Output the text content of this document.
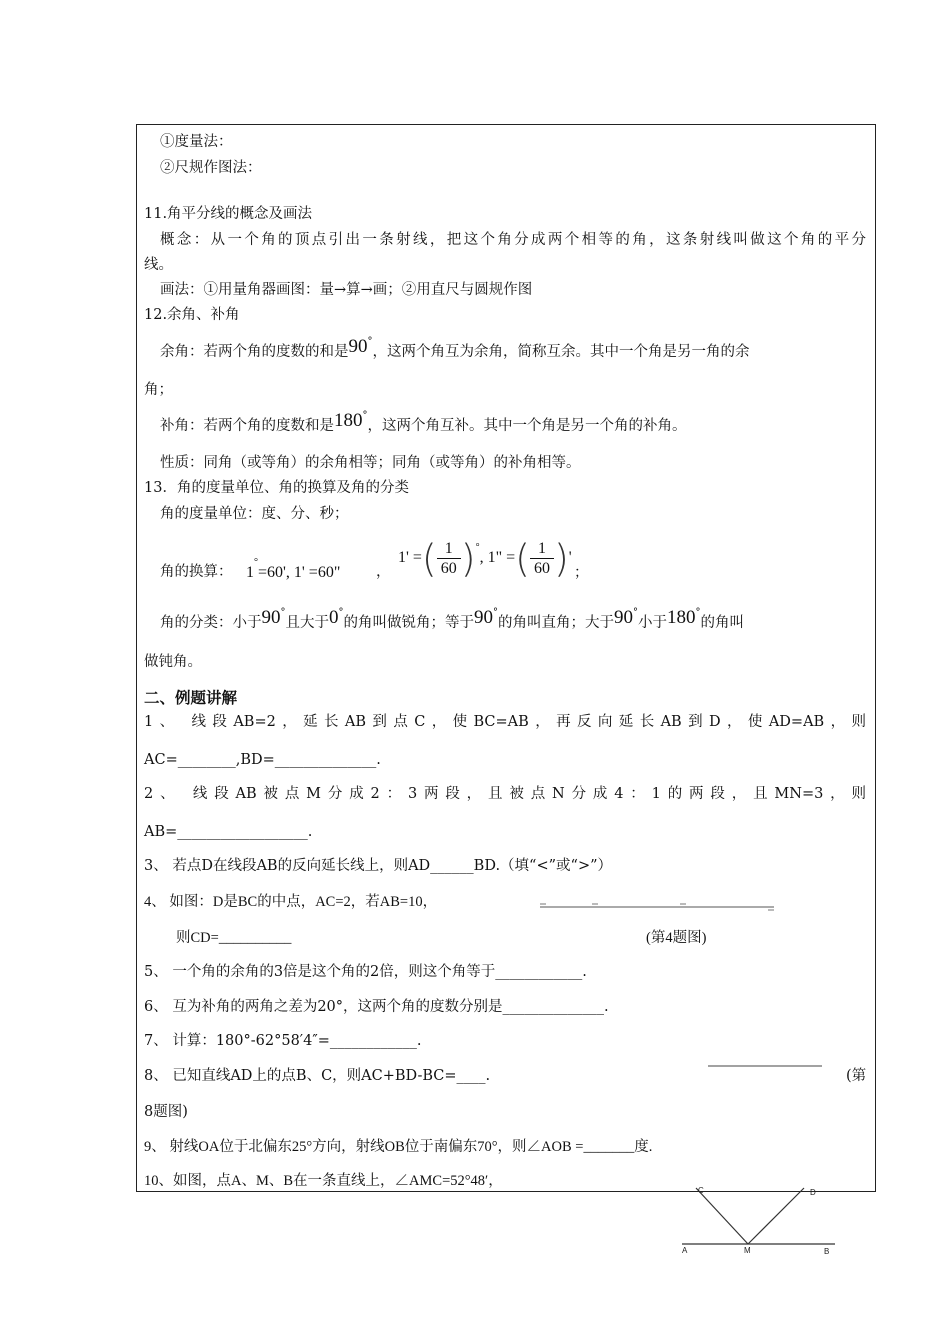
①度量法：
②尺规作图法：
11.角平分线的概念及画法
概念：从一个角的顶点引出一条射线，把这个角分成两个相等的角，这条射线叫做这个角的平分
线。
画法：①用量角器画图：量→算→画；②用直尺与圆规作图
12.余角、补角
余角：若两个角的度数的和是90°，这两个角互为余角，简称互余。其中一个角是另一角的余
角；
补角：若两个角的度数和是180°，这两个角互补。其中一个角是另一个角的补角。
性质：同角（或等角）的余角相等；同角（或等角）的补角相等。
13．角的度量单位、角的换算及角的分类
角的度量单位：度、分、秒；
角的换算： 1°=60', 1' =60" ，
1' =( $\frac{1}{60} )^\circ$, 1" =( $\frac{1}{60}$ )'
；
角的分类：小于90°且大于0°的角叫做锐角；等于90°的角叫直角；大于90°小于180°的角叫
做钝角。
二、例题讲解
1、 线段AB=2，延长AB到点C，使BC=AB，再反向延长AB到D，使AD=AB，则
AC=________,BD=______________.
2、 线段AB被点M分成2：3两段，且被点N分成4：1的两段，且MN=3，则
AB=__________________.
3、 若点D在线段AB的反向延长线上，则AD______BD.（填“<”或“>”）
4、 如图：D是BC的中点，AC=2，若AB=10，
则CD=__________	(第4题图)
5、 一个角的余角的3倍是这个角的2倍，则这个角等于____________.
6、 互为补角的两角之差为20°，这两个角的度数分别是______________.
7、 计算：180°-62°58′4″=____________.
8、 已知直线AD上的点B、C，则AC+BD-BC=____.	(第
8题图)
9、 射线OA位于北偏东25°方向，射线OB位于南偏东70°，则∠AOB =_______度.
10、如图，点A、M、B在一条直线上，∠AMC=52°48′，
C	D
A	M	B
